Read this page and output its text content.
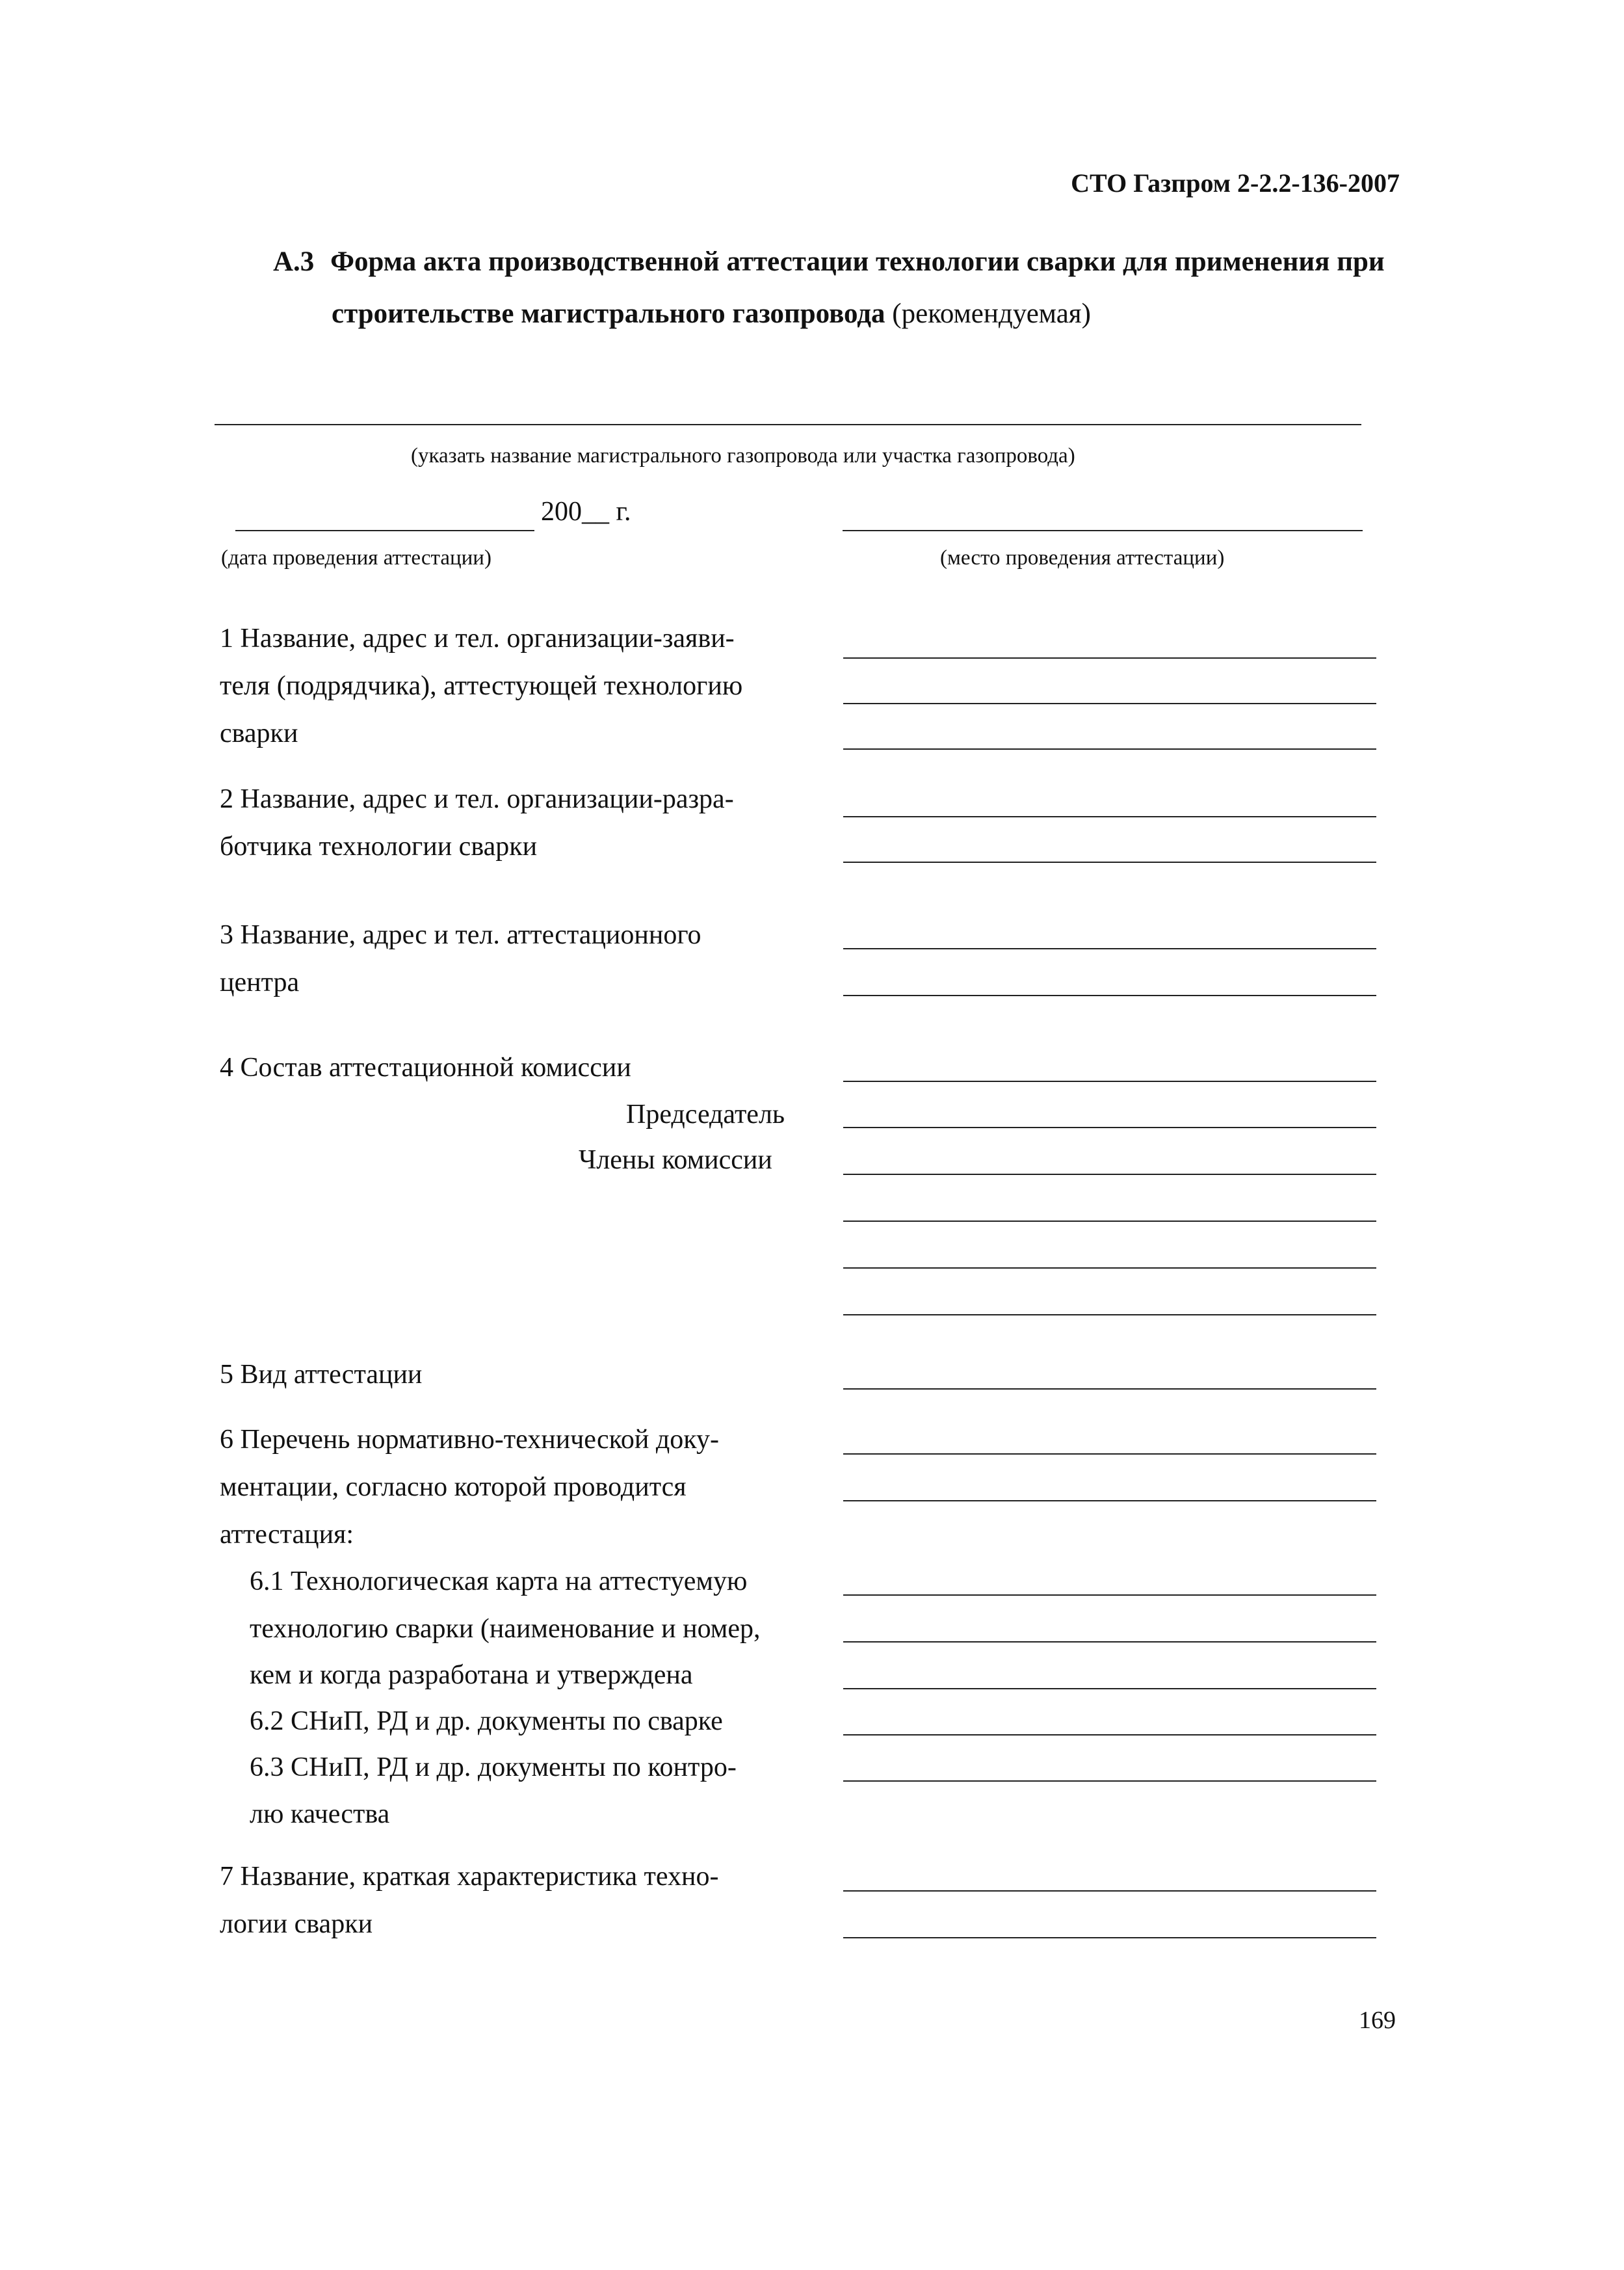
СТО Газпром 2-2.2-136-2007
А.3 Форма акта производственной аттестации технологии сварки для применения при
строительстве магистрального газопровода (рекомендуемая)
(указать название магистрального газопровода или участка газопровода)
200__ г.
(дата проведения аттестации)	(место проведения аттестации)
1 Название, адрес и тел. организации-заяви-
теля (подрядчика), аттестующей технологию
сварки
2 Название, адрес и тел. организации-разра-
ботчика технологии сварки
3 Название, адрес и тел. аттестационного
центра
4 Состав аттестационной комиссии
Председатель
Члены комиссии
5 Вид аттестации
6 Перечень нормативно-технической доку-
ментации, согласно которой проводится
аттестация:
6.1 Технологическая карта на аттестуемую
технологию сварки (наименование и номер,
кем и когда разработана и утверждена
6.2 СНиП, РД и др. документы по сварке
6.3 СНиП, РД и др. документы по контро-
лю качества
7 Название, краткая характеристика техно-
логии сварки
169
